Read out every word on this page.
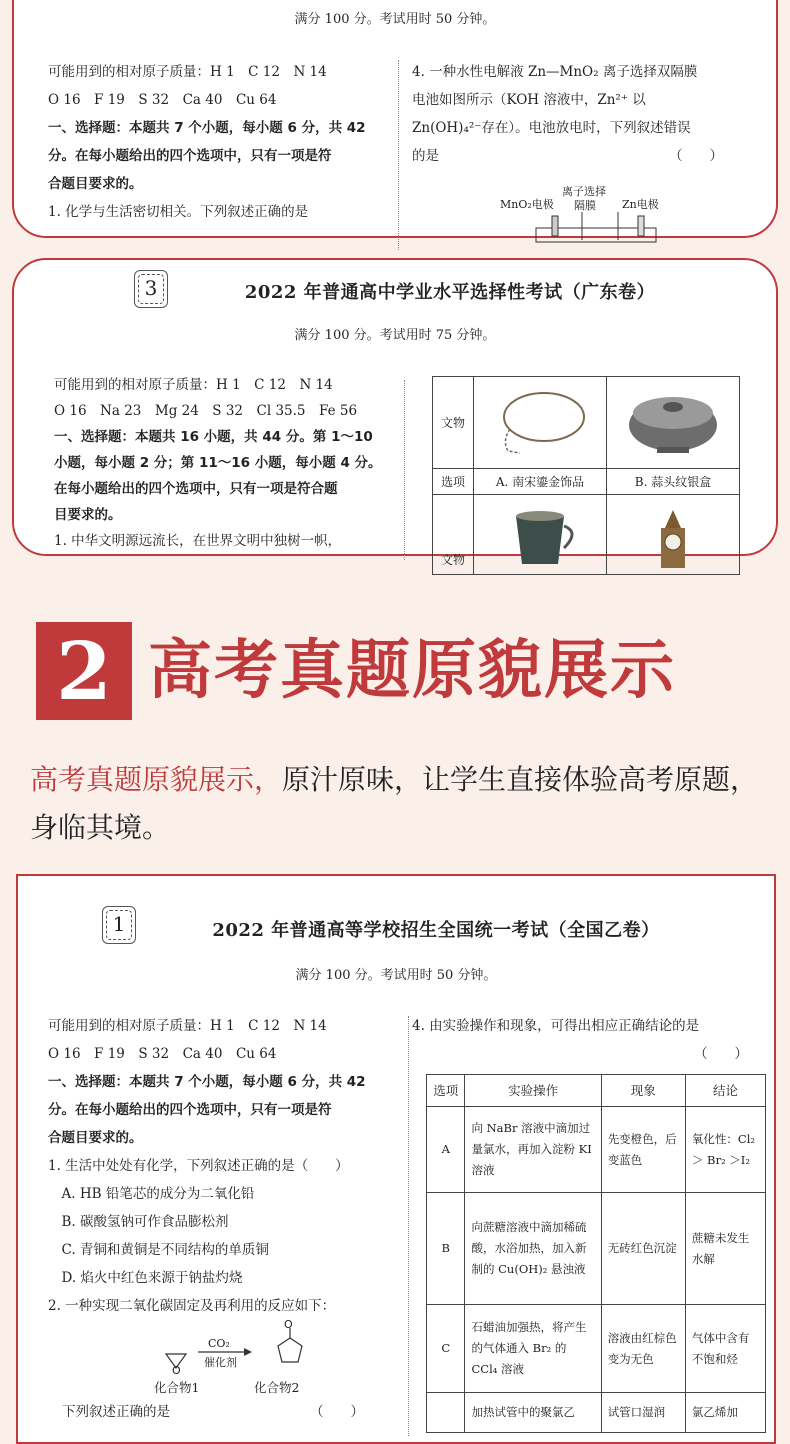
满分 100 分。考试用时 50 分钟。

可能用到的相对原子质量：H 1　C 12　N 14

O 16　F 19　S 32　Ca 40　Cu 64

一、选择题：本题共 7 个小题，每小题 6 分，共 42

分。在每小题给出的四个选项中，只有一项是符

合题目要求的。

1. 化学与生活密切相关。下列叙述正确的是

4. 一种水性电解液 Zn—MnO₂ 离子选择双隔膜

电池如图所示（KOH 溶液中，Zn²⁺ 以

Zn(OH)₄²⁻存在）。电池放电时，下列叙述错误

的是	（　　）

MnO₂电极
离子选择
隔膜 Zn电极
3	2022 年普通高中学业水平选择性考试（广东卷）
满分 100 分。考试用时 75 分钟。

可能用到的相对原子质量：H 1　C 12　N 14

O 16　Na 23　Mg 24　S 32　Cl 35.5　Fe 56

一、选择题：本题共 16 小题，共 44 分。第 1～10

小题，每小题 2 分；第 11～16 小题，每小题 4 分。

在每小题给出的四个选项中，只有一项是符合题

目要求的。

1. 中华文明源远流长，在世界文明中独树一帜，

文物		
选项	A. 南宋鎏金饰品	B. 蒜头纹银盒
文物		
2 高考真题原貌展示
高考真题原貌展示，原汁原味，让学生直接体验高考原题，身临其境。
1	2022 年普通高等学校招生全国统一考试（全国乙卷）
满分 100 分。考试用时 50 分钟。

可能用到的相对原子质量：H 1　C 12　N 14

O 16　F 19　S 32　Ca 40　Cu 64

一、选择题：本题共 7 个小题，每小题 6 分，共 42

分。在每小题给出的四个选项中，只有一项是符

合题目要求的。

1. 生活中处处有化学，下列叙述正确的是（　　）

　A. HB 铅笔芯的成分为二氧化铅

　B. 碳酸氢钠可作食品膨松剂

　C. 青铜和黄铜是不同结构的单质铜

　D. 焰火中红色来源于钠盐灼烧

2. 一种实现二氧化碳固定及再利用的反应如下：

O
O
CO₂
催化剂
化合物1	化合物2

下列叙述正确的是	（　　）

4. 由实验操作和现象，可得出相应正确结论的是

（　　）

选项	实验操作	现象	结论
A	向 NaBr 溶液中滴加过量氯水，再加入淀粉 KI 溶液	先变橙色，后变蓝色	氧化性：Cl₂ ＞ Br₂ ＞I₂
B	向蔗糖溶液中滴加稀硫酸，水浴加热，加入新制的 Cu(OH)₂ 悬浊液	无砖红色沉淀	蔗糖未发生水解
C	石蜡油加强热，将产生的气体通入 Br₂ 的 CCl₄ 溶液	溶液由红棕色变为无色	气体中含有不饱和烃
	加热试管中的聚氯乙	试管口湿润	氯乙烯加
